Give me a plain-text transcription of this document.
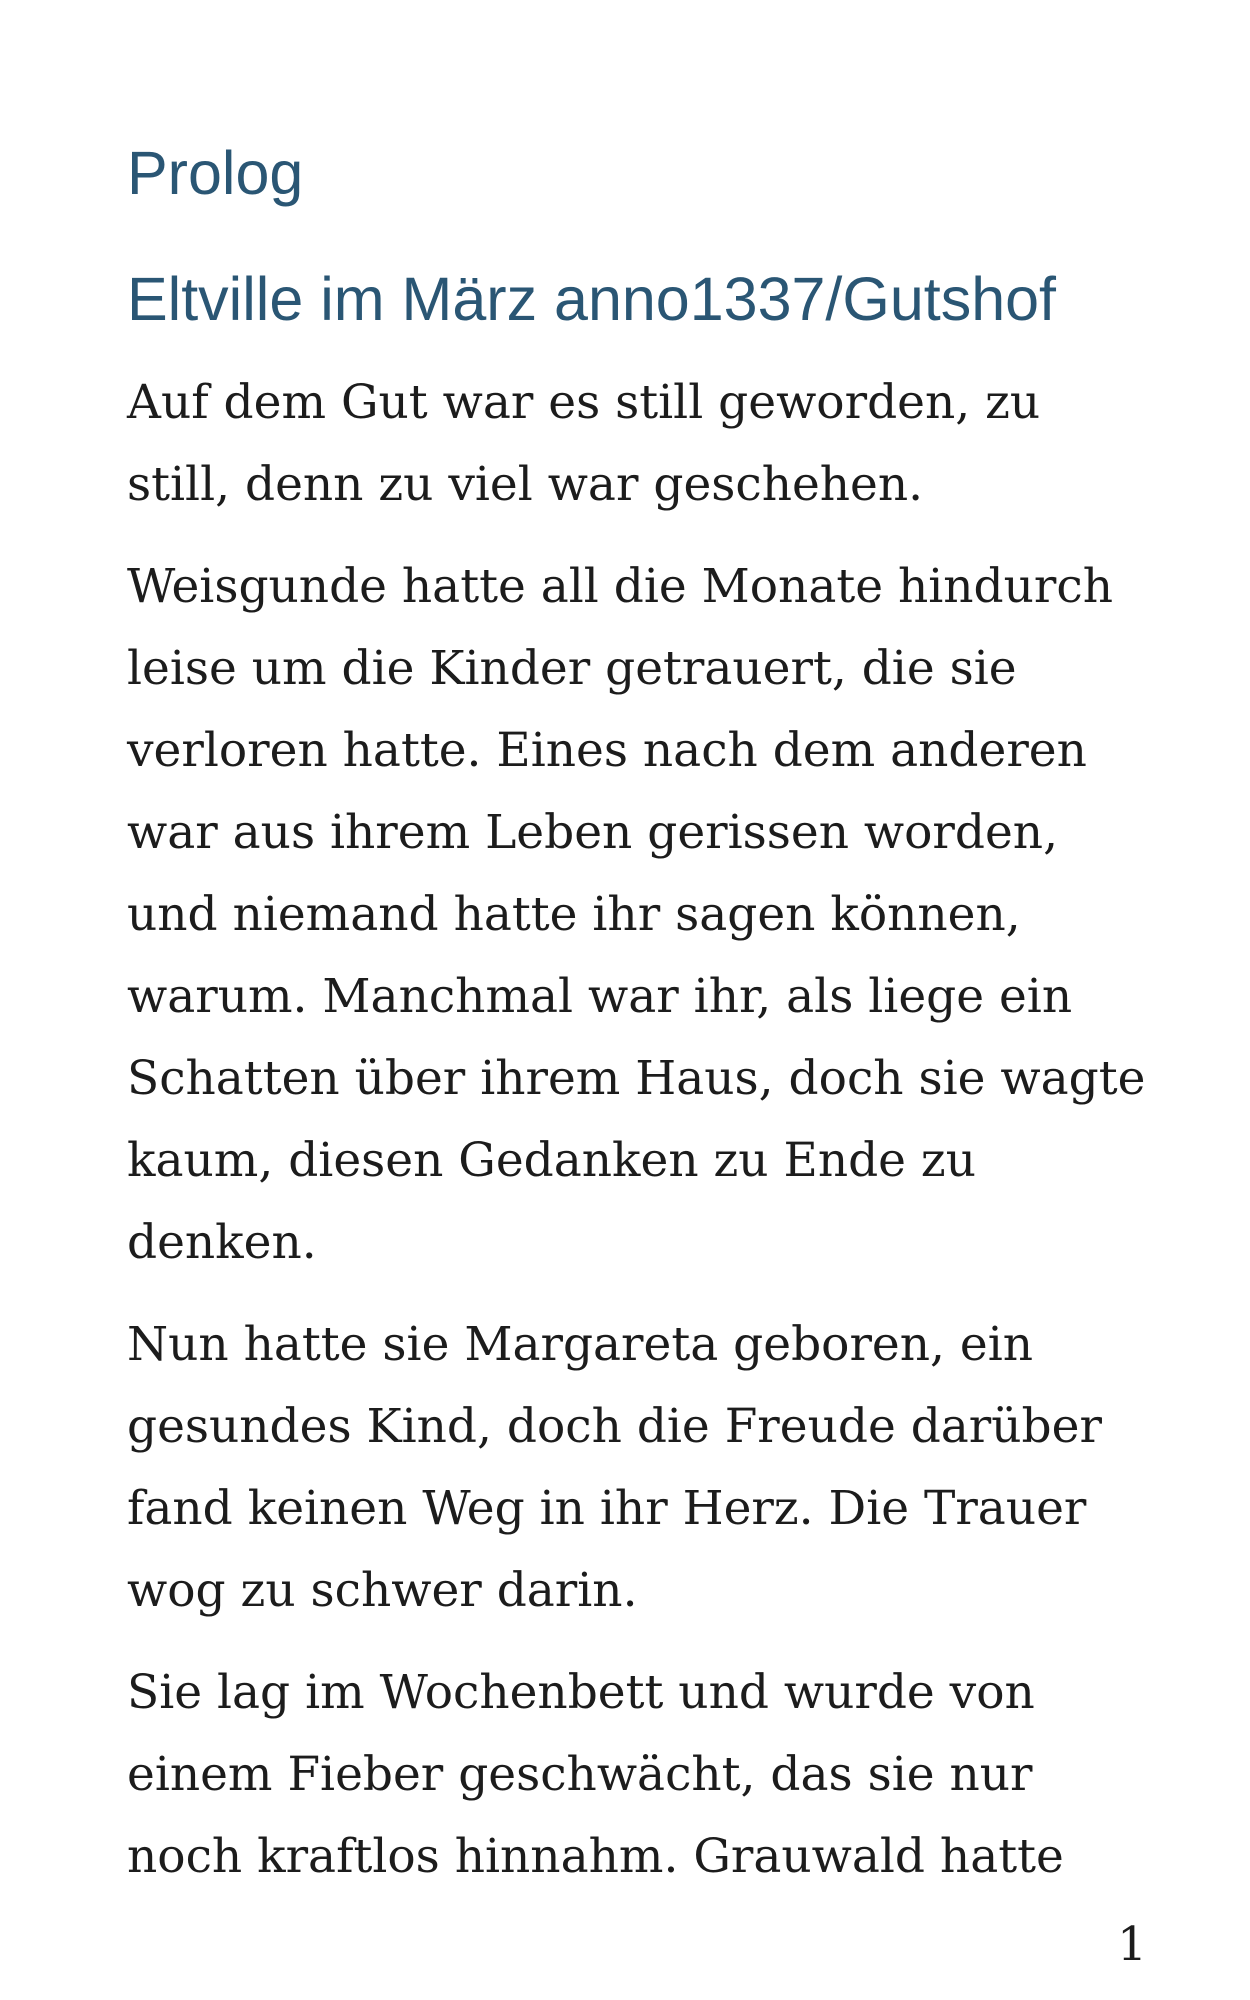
Prolog
Eltville im März anno1337/Gutshof

Auf dem Gut war es still geworden, zu
still, denn zu viel war geschehen.

Weisgunde hatte all die Monate hindurch
leise um die Kinder getrauert, die sie
verloren hatte. Eines nach dem anderen
war aus ihrem Leben gerissen worden,
und niemand hatte ihr sagen können,
warum. Manchmal war ihr, als liege ein
Schatten über ihrem Haus, doch sie wagte
kaum, diesen Gedanken zu Ende zu
denken.

Nun hatte sie Margareta geboren, ein
gesundes Kind, doch die Freude darüber
fand keinen Weg in ihr Herz. Die Trauer
wog zu schwer darin.

Sie lag im Wochenbett und wurde von
einem Fieber geschwächt, das sie nur
noch kraftlos hinnahm. Grauwald hatte

1
